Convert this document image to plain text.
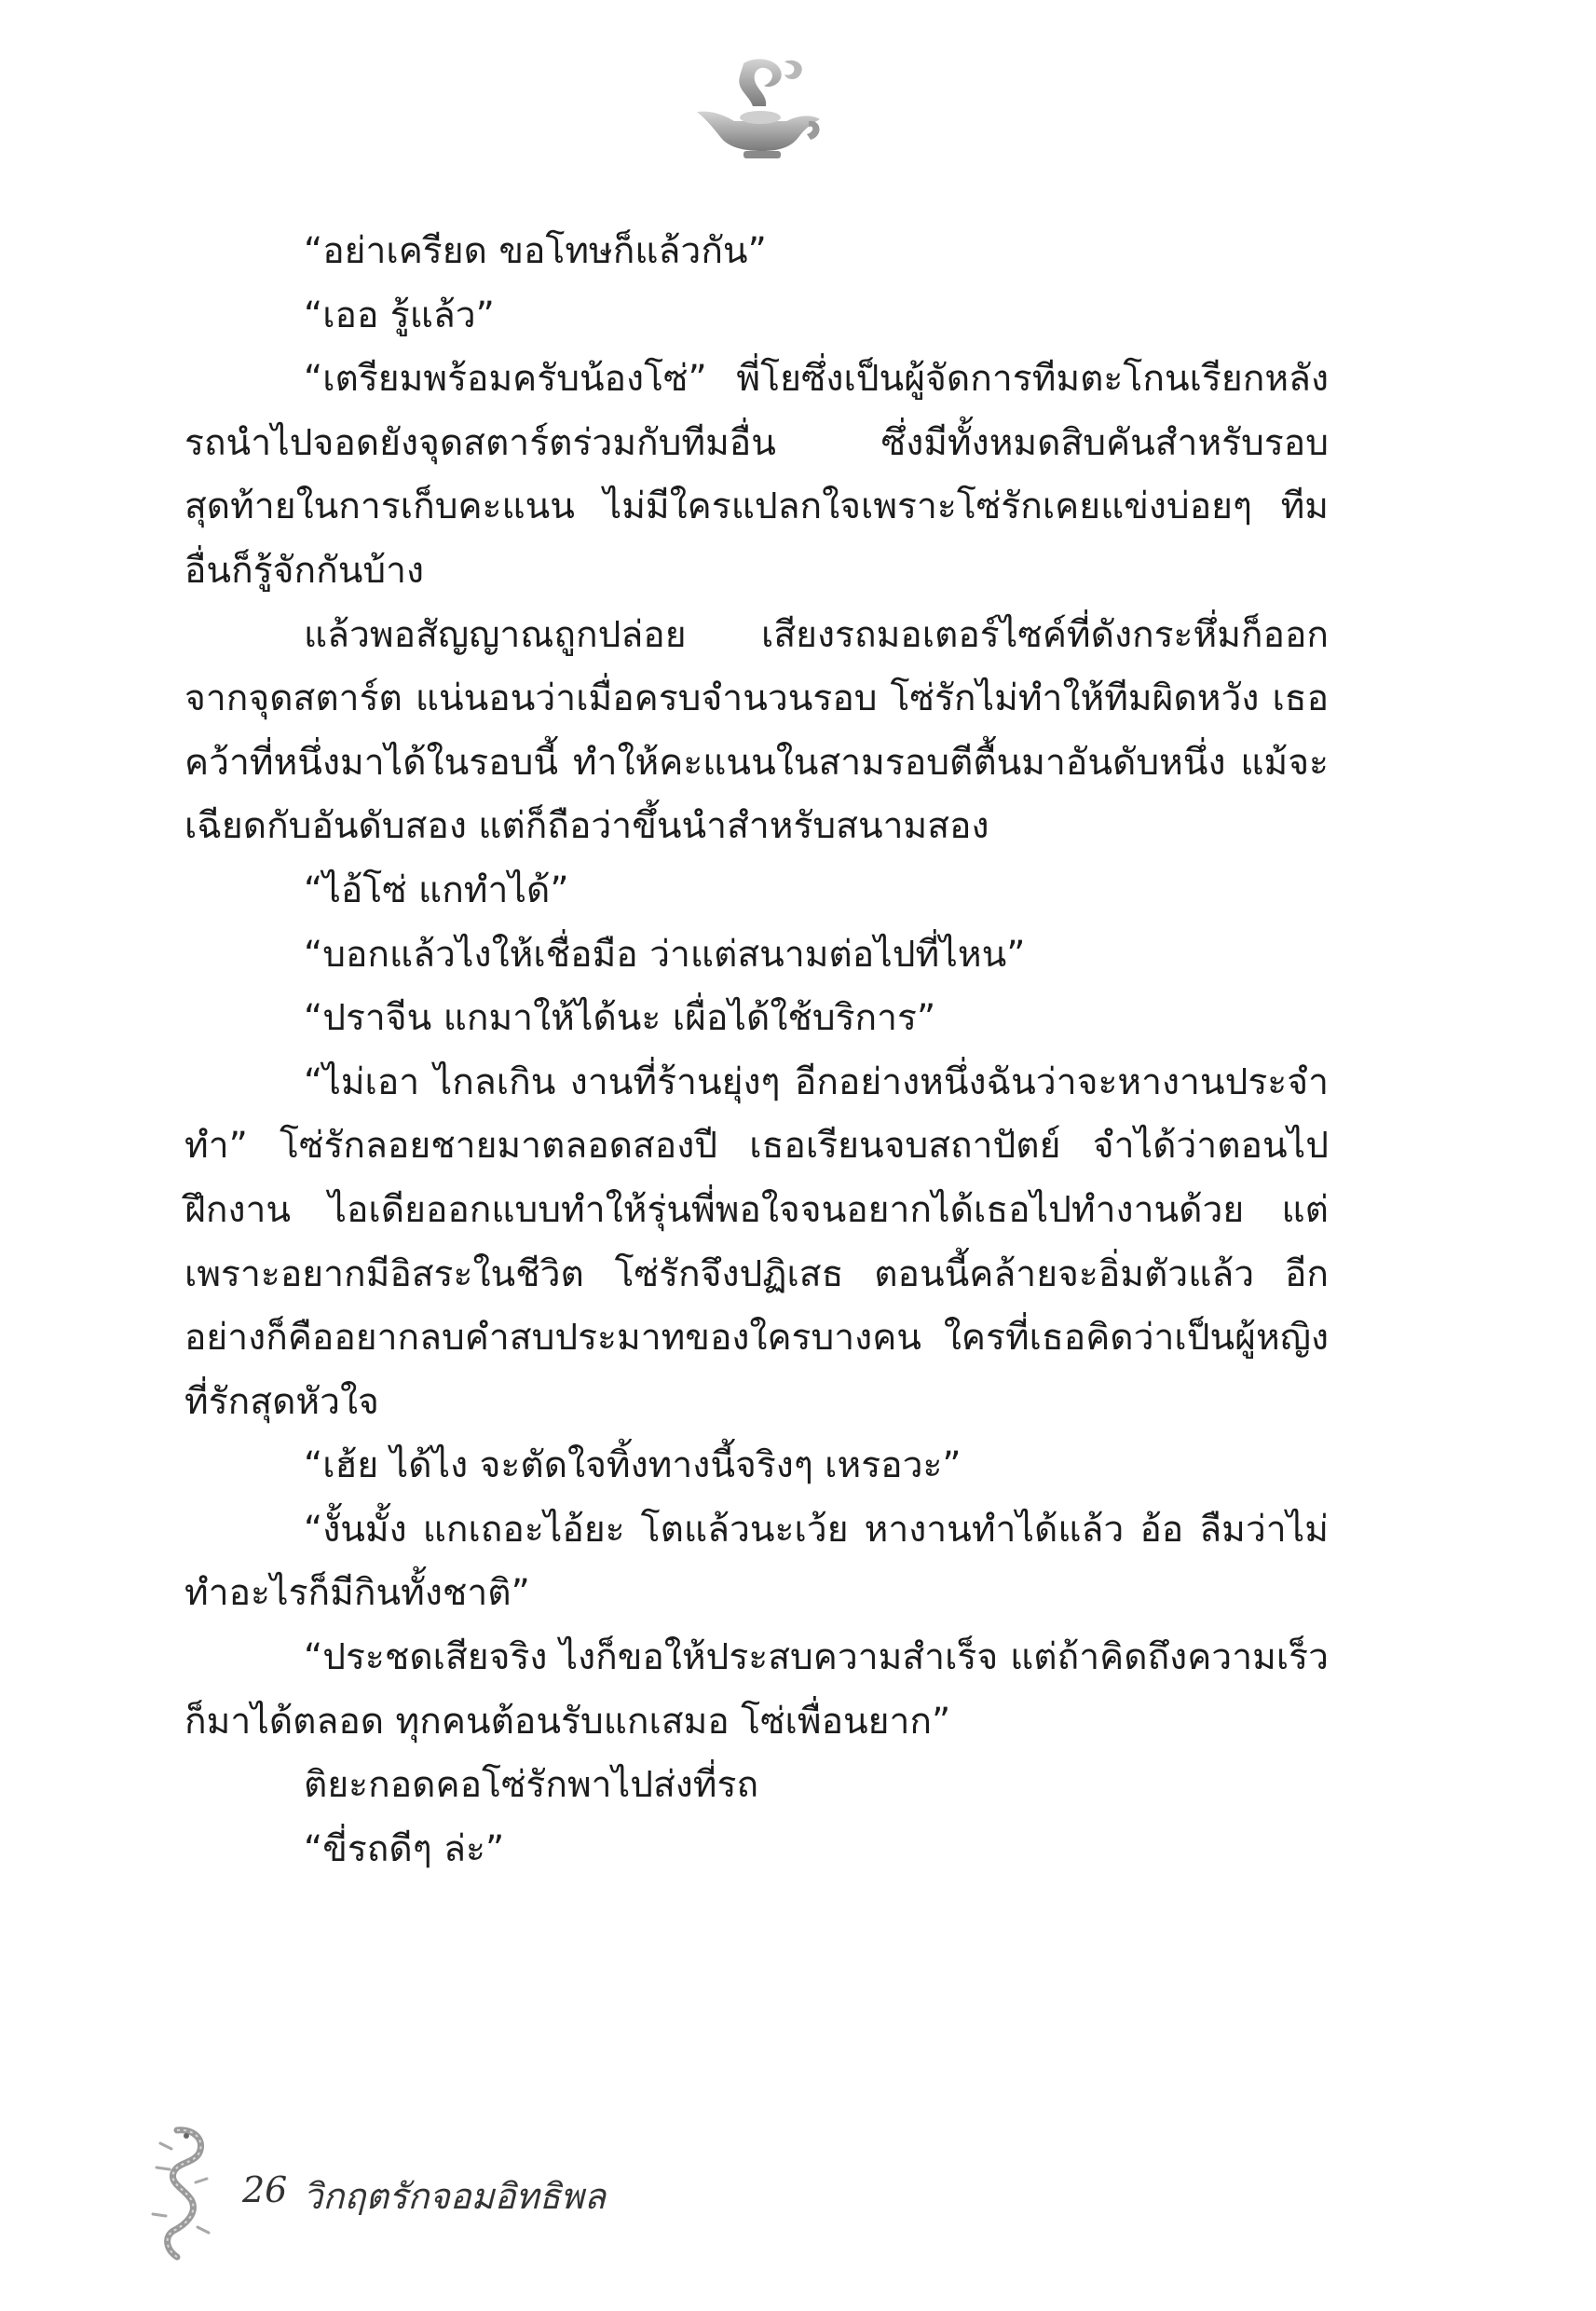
“อย่าเครียด ขอโทษก็แล้วกัน”

“เออ รู้แล้ว”

“เตรียมพร้อมครับน้องโซ่” พี่โยซึ่งเป็นผู้จัดการทีมตะโกนเรียกหลังรถนำไปจอดยังจุดสตาร์ตร่วมกับทีมอื่น ซึ่งมีทั้งหมดสิบคันสำหรับรอบสุดท้ายในการเก็บคะแนน ไม่มีใครแปลกใจเพราะโซ่รักเคยแข่งบ่อยๆ ทีมอื่นก็รู้จักกันบ้าง

แล้วพอสัญญาณถูกปล่อย เสียงรถมอเตอร์ไซค์ที่ดังกระหึ่มก็ออกจากจุดสตาร์ต แน่นอนว่าเมื่อครบจำนวนรอบ โซ่รักไม่ทำให้ทีมผิดหวัง เธอคว้าที่หนึ่งมาได้ในรอบนี้ ทำให้คะแนนในสามรอบตีตื้นมาอันดับหนึ่ง แม้จะเฉียดกับอันดับสอง แต่ก็ถือว่าขึ้นนำสำหรับสนามสอง

“ไอ้โซ่ แกทำได้”

“บอกแล้วไงให้เชื่อมือ ว่าแต่สนามต่อไปที่ไหน”

“ปราจีน แกมาให้ได้นะ เผื่อได้ใช้บริการ”

“ไม่เอา ไกลเกิน งานที่ร้านยุ่งๆ อีกอย่างหนึ่งฉันว่าจะหางานประจำทำ” โซ่รักลอยชายมาตลอดสองปี เธอเรียนจบสถาปัตย์ จำได้ว่าตอนไปฝึกงาน ไอเดียออกแบบทำให้รุ่นพี่พอใจจนอยากได้เธอไปทำงานด้วย แต่เพราะอยากมีอิสระในชีวิต โซ่รักจึงปฏิเสธ ตอนนี้คล้ายจะอิ่มตัวแล้ว อีกอย่างก็คืออยากลบคำสบประมาทของใครบางคน ใครที่เธอคิดว่าเป็นผู้หญิงที่รักสุดหัวใจ

“เฮ้ย ได้ไง จะตัดใจทิ้งทางนี้จริงๆ เหรอวะ”

“งั้นมั้ง แกเถอะไอ้ยะ โตแล้วนะเว้ย หางานทำได้แล้ว อ้อ ลืมว่าไม่ทำอะไรก็มีกินทั้งชาติ”

“ประชดเสียจริง ไงก็ขอให้ประสบความสำเร็จ แต่ถ้าคิดถึงความเร็วก็มาได้ตลอด ทุกคนต้อนรับแกเสมอ โซ่เพื่อนยาก”

ติยะกอดคอโซ่รักพาไปส่งที่รถ

“ขี่รถดีๆ ล่ะ”

26 วิกฤตรักจอมอิทธิพล
